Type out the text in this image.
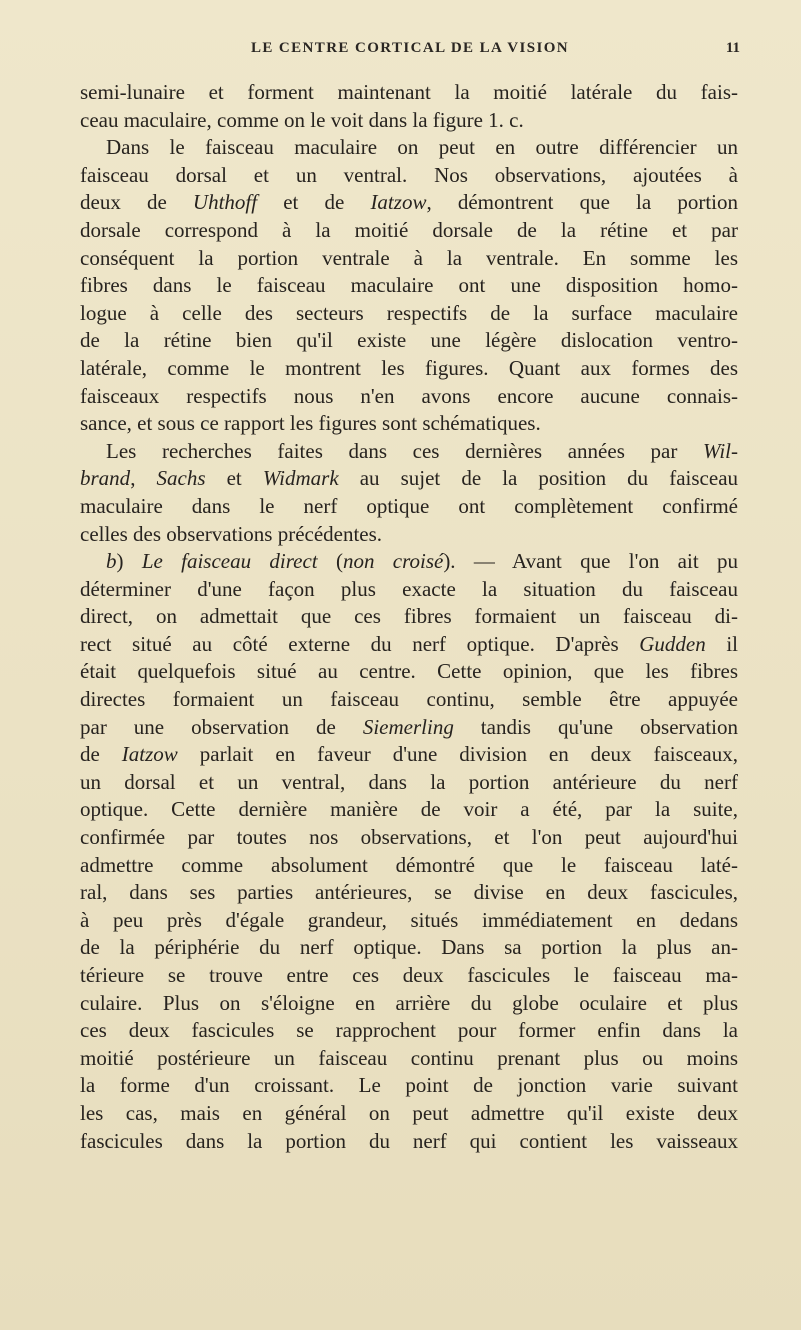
LE CENTRE CORTICAL DE LA VISION	11
semi-lunaire et forment maintenant la moitié latérale du fais-
ceau maculaire, comme on le voit dans la figure 1. c.
Dans le faisceau maculaire on peut en outre différencier un
faisceau dorsal et un ventral. Nos observations, ajoutées à
deux de Uhthoff et de Iatzow, démontrent que la portion
dorsale correspond à la moitié dorsale de la rétine et par
conséquent la portion ventrale à la ventrale. En somme les
fibres dans le faisceau maculaire ont une disposition homo-
logue à celle des secteurs respectifs de la surface maculaire
de la rétine bien qu'il existe une légère dislocation ventro-
latérale, comme le montrent les figures. Quant aux formes des
faisceaux respectifs nous n'en avons encore aucune connais-
sance, et sous ce rapport les figures sont schématiques.
Les recherches faites dans ces dernières années par Wil-
brand, Sachs et Widmark au sujet de la position du faisceau
maculaire dans le nerf optique ont complètement confirmé
celles des observations précédentes.
b) Le faisceau direct (non croisé). — Avant que l'on ait pu
déterminer d'une façon plus exacte la situation du faisceau
direct, on admettait que ces fibres formaient un faisceau di-
rect situé au côté externe du nerf optique. D'après Gudden il
était quelquefois situé au centre. Cette opinion, que les fibres
directes formaient un faisceau continu, semble être appuyée
par une observation de Siemerling tandis qu'une observation
de Iatzow parlait en faveur d'une division en deux faisceaux,
un dorsal et un ventral, dans la portion antérieure du nerf
optique. Cette dernière manière de voir a été, par la suite,
confirmée par toutes nos observations, et l'on peut aujourd'hui
admettre comme absolument démontré que le faisceau laté-
ral, dans ses parties antérieures, se divise en deux fascicules,
à peu près d'égale grandeur, situés immédiatement en dedans
de la périphérie du nerf optique. Dans sa portion la plus an-
térieure se trouve entre ces deux fascicules le faisceau ma-
culaire. Plus on s'éloigne en arrière du globe oculaire et plus
ces deux fascicules se rapprochent pour former enfin dans la
moitié postérieure un faisceau continu prenant plus ou moins
la forme d'un croissant. Le point de jonction varie suivant
les cas, mais en général on peut admettre qu'il existe deux
fascicules dans la portion du nerf qui contient les vaisseaux
